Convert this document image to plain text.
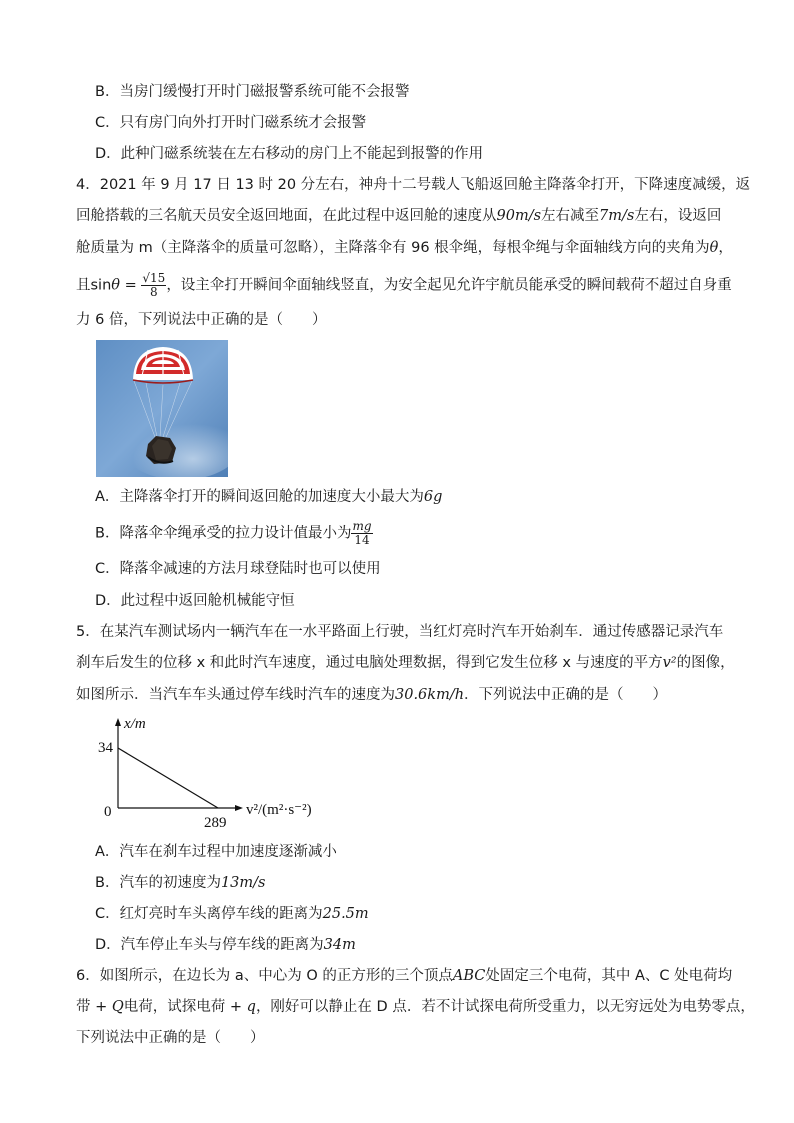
B．当房门缓慢打开时门磁报警系统可能不会报警
C．只有房门向外打开时门磁系统才会报警
D．此种门磁系统装在左右移动的房门上不能起到报警的作用
4．2021 年 9 月 17 日 13 时 20 分左右，神舟十二号载人飞船返回舱主降落伞打开，下降速度减缓，返
回舱搭载的三名航天员安全返回地面，在此过程中返回舱的速度从90m/s左右减至7m/s左右，设返回
舱质量为 m（主降落伞的质量可忽略），主降落伞有 96 根伞绳，每根伞绳与伞面轴线方向的夹角为θ，
且$\sin\theta = \frac{√15}{8}$ ，设主伞打开瞬间伞面轴线竖直，为安全起见允许宇航员能承受的瞬间载荷不超过自身重
力 6 倍，下列说法中正确的是（　　）
A．主降落伞打开的瞬间返回舱的加速度大小最大为6g
B．降落伞伞绳承受的拉力设计值最小为 $\frac{mg}{14}$
C．降落伞减速的方法月球登陆时也可以使用
D．此过程中返回舱机械能守恒
5．在某汽车测试场内一辆汽车在一水平路面上行驶，当红灯亮时汽车开始刹车．通过传感器记录汽车
刹车后发生的位移 x 和此时汽车速度，通过电脑处理数据，得到它发生位移 x 与速度的平方v²的图像，
如图所示．当汽车车头通过停车线时汽车的速度为30.6km/h．下列说法中正确的是（　　）
x/m
34
0
289
v²/(m²·s⁻²)
A．汽车在刹车过程中加速度逐渐减小
B．汽车的初速度为13m/s
C．红灯亮时车头离停车线的距离为25.5m
D．汽车停止车头与停车线的距离为34m
6．如图所示，在边长为 a、中心为 O 的正方形的三个顶点ABC处固定三个电荷，其中 A、C 处电荷均
带 + Q电荷，试探电荷 + q，刚好可以静止在 D 点．若不计试探电荷所受重力，以无穷远处为电势零点，
下列说法中正确的是（　　）
